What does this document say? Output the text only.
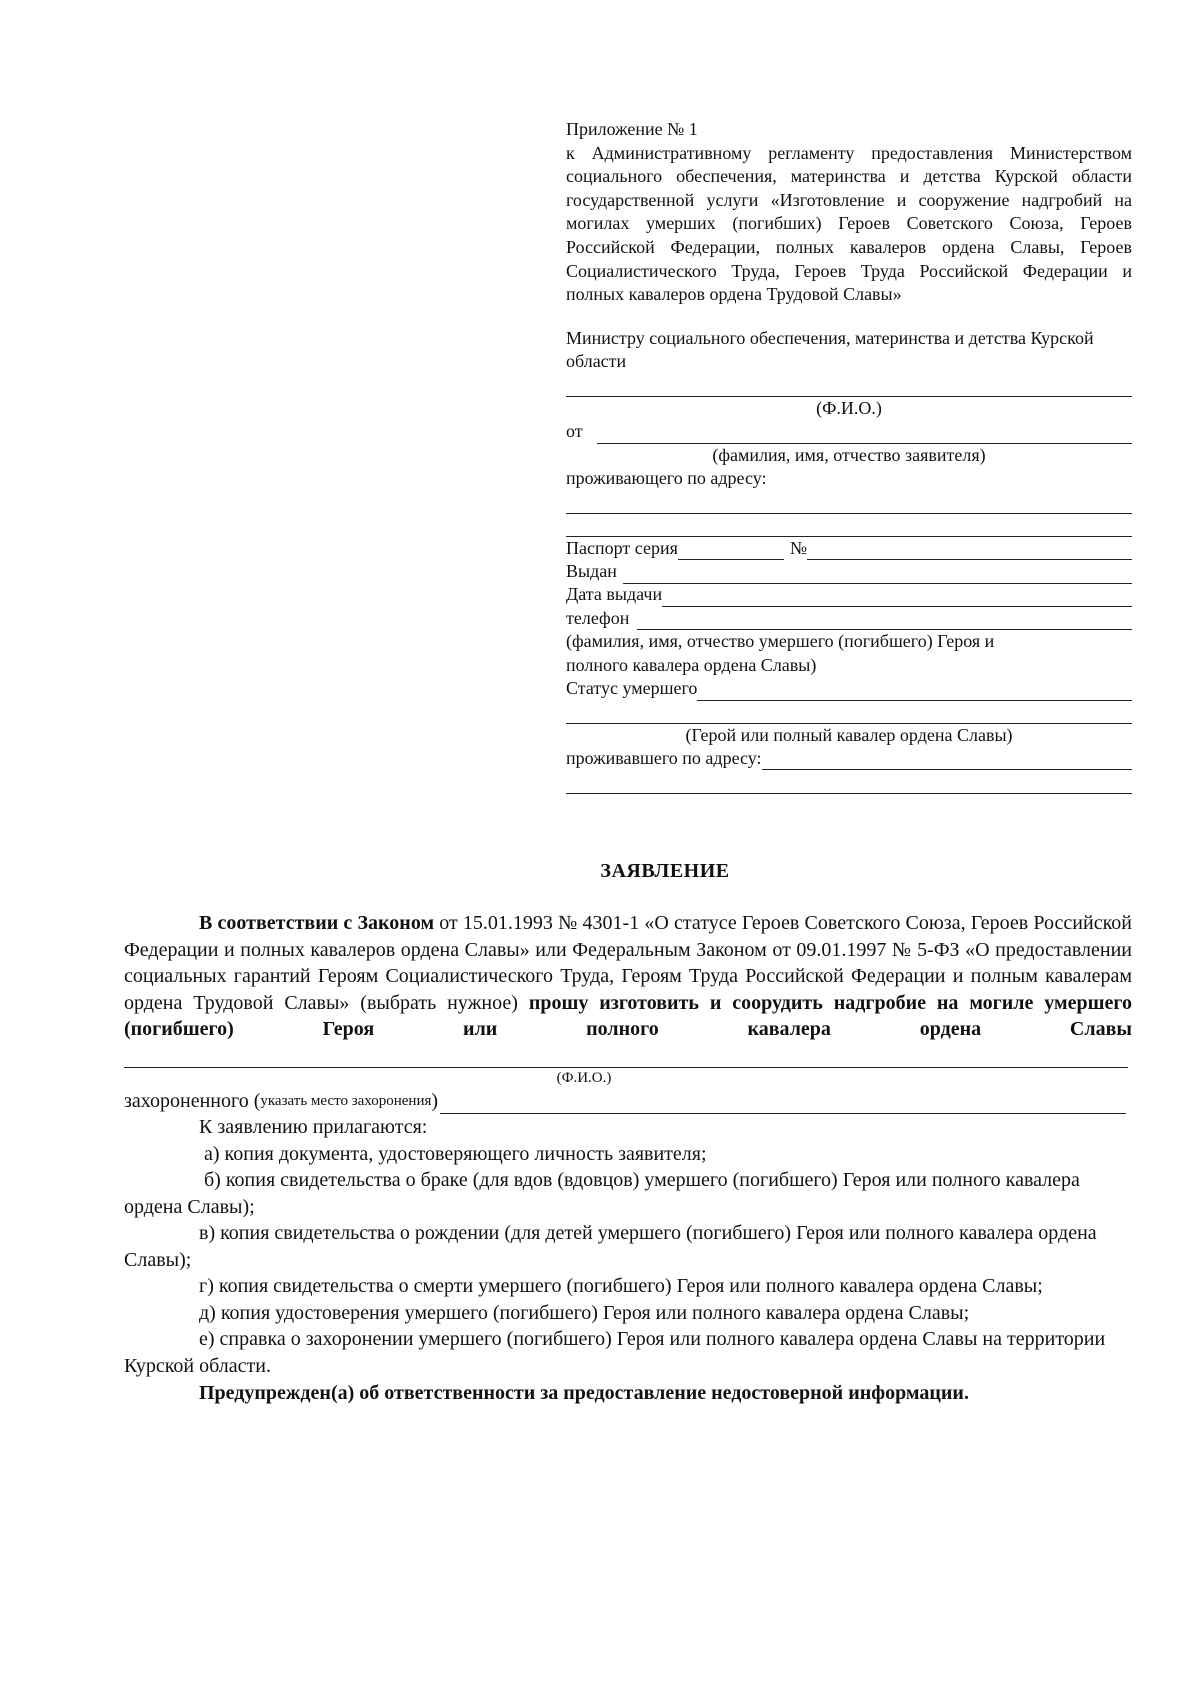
Приложение № 1

к Административному регламенту предоставления Министерством социального обеспечения, материнства и детства Курской области государственной услуги «Изготовление и сооружение надгробий на могилах умерших (погибших) Героев Советского Союза, Героев Российской Федерации, полных кавалеров ордена Славы, Героев Социалистического Труда, Героев Труда Российской Федерации и полных кавалеров ордена Трудовой Славы»

Министру социального обеспечения, материнства и детства Курской области
(Ф.И.О.)
от
(фамилия, имя, отчество заявителя)
проживающего по адресу:
Паспорт серия	№
Выдан
Дата выдачи
телефон
(фамилия, имя, отчество умершего (погибшего) Героя и
полного кавалера ордена Славы)
Статус умершего
(Герой или полный кавалер ордена Славы)
проживавшего по адресу:
ЗАЯВЛЕНИЕ

В соответствии с Законом от 15.01.1993 № 4301-1 «О статусе Героев Советского Союза, Героев Российской Федерации и полных кавалеров ордена Славы» или Федеральным Законом от 09.01.1997 № 5-ФЗ «О предоставлении социальных гарантий Героям Социалистического Труда, Героям Труда Российской Федерации и полным кавалерам ордена Трудовой Славы» (выбрать нужное) прошу изготовить и соорудить надгробие на могиле умершего (погибшего) Героя или полного кавалера ордена Славы

(Ф.И.О.)
захороненного ( указать место захоронения )

К заявлению прилагаются:

а) копия документа, удостоверяющего личность заявителя;

б) копия свидетельства о браке (для вдов (вдовцов) умершего (погибшего) Героя или полного кавалера ордена Славы);

в) копия свидетельства о рождении (для детей умершего (погибшего) Героя или полного кавалера ордена Славы);

г) копия свидетельства о смерти умершего (погибшего) Героя или полного кавалера ордена Славы;

д) копия удостоверения умершего (погибшего) Героя или полного кавалера ордена Славы;

е) справка о захоронении умершего (погибшего) Героя или полного кавалера ордена Славы на территории Курской области.

Предупрежден(а) об ответственности за предоставление недостоверной информации.
